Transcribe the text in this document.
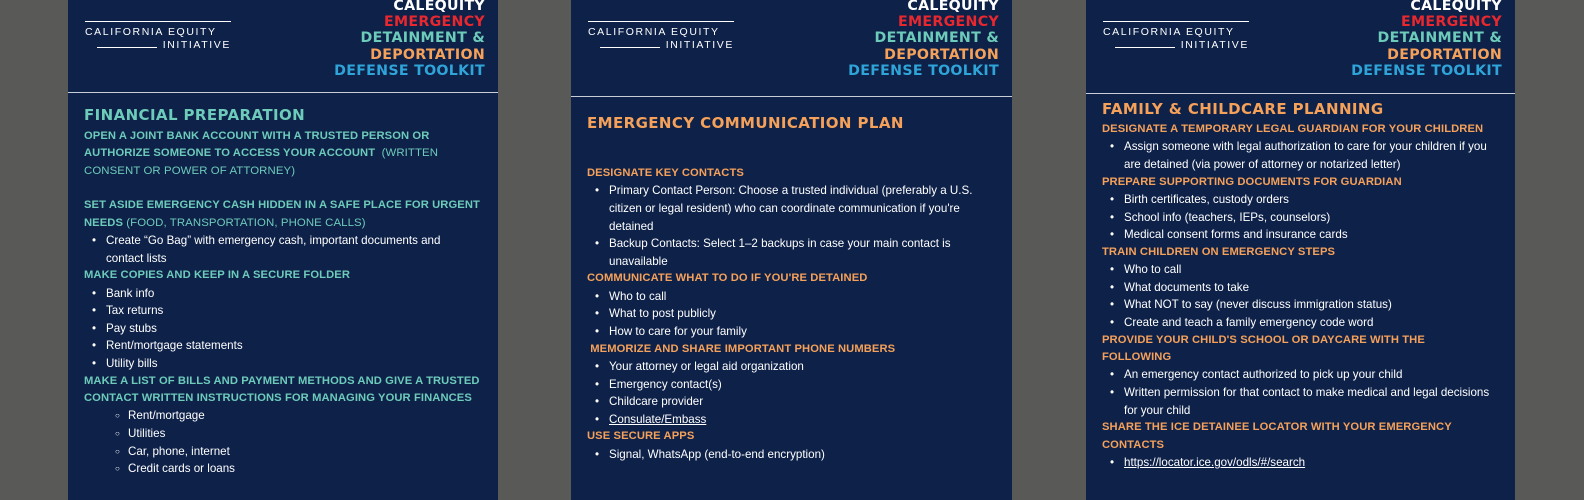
CALIFORNIA EQUITY
INITIATIVE
CALEQUITY
EMERGENCY
DETAINMENT &
DEPORTATION
DEFENSE TOOLKIT
FINANCIAL PREPARATION
OPEN A JOINT BANK ACCOUNT WITH A TRUSTED PERSON OR AUTHORIZE SOMEONE TO ACCESS YOUR ACCOUNT (WRITTEN CONSENT OR POWER OF ATTORNEY)
SET ASIDE EMERGENCY CASH HIDDEN IN A SAFE PLACE FOR URGENT NEEDS (FOOD, TRANSPORTATION, PHONE CALLS)
• Create “Go Bag” with emergency cash, important documents and contact lists
MAKE COPIES AND KEEP IN A SECURE FOLDER
• Bank info
• Tax returns
• Pay stubs
• Rent/mortgage statements
• Utility bills
MAKE A LIST OF BILLS AND PAYMENT METHODS AND GIVE A TRUSTED CONTACT WRITTEN INSTRUCTIONS FOR MANAGING YOUR FINANCES
○ Rent/mortgage
○ Utilities
○ Car, phone, internet
○ Credit cards or loans
CALIFORNIA EQUITY
INITIATIVE
CALEQUITY
EMERGENCY
DETAINMENT &
DEPORTATION
DEFENSE TOOLKIT
EMERGENCY COMMUNICATION PLAN
DESIGNATE KEY CONTACTS
• Primary Contact Person: Choose a trusted individual (preferably a U.S. citizen or legal resident) who can coordinate communication if you're detained
• Backup Contacts: Select 1–2 backups in case your main contact is unavailable
COMMUNICATE WHAT TO DO IF YOU'RE DETAINED
• Who to call
• What to post publicly
• How to care for your family
MEMORIZE AND SHARE IMPORTANT PHONE NUMBERS
• Your attorney or legal aid organization
• Emergency contact(s)
• Childcare provider
• Consulate/Embass
USE SECURE APPS
• Signal, WhatsApp (end-to-end encryption)
CALIFORNIA EQUITY
INITIATIVE
CALEQUITY
EMERGENCY
DETAINMENT &
DEPORTATION
DEFENSE TOOLKIT
FAMILY & CHILDCARE PLANNING
DESIGNATE A TEMPORARY LEGAL GUARDIAN FOR YOUR CHILDREN
• Assign someone with legal authorization to care for your children if you are detained (via power of attorney or notarized letter)
PREPARE SUPPORTING DOCUMENTS FOR GUARDIAN
• Birth certificates, custody orders
• School info (teachers, IEPs, counselors)
• Medical consent forms and insurance cards
TRAIN CHILDREN ON EMERGENCY STEPS
• Who to call
• What documents to take
• What NOT to say (never discuss immigration status)
• Create and teach a family emergency code word
PROVIDE YOUR CHILD'S SCHOOL OR DAYCARE WITH THE FOLLOWING
• An emergency contact authorized to pick up your child
• Written permission for that contact to make medical and legal decisions for your child
SHARE THE ICE DETAINEE LOCATOR WITH YOUR EMERGENCY CONTACTS
• https://locator.ice.gov/odls/#/search
